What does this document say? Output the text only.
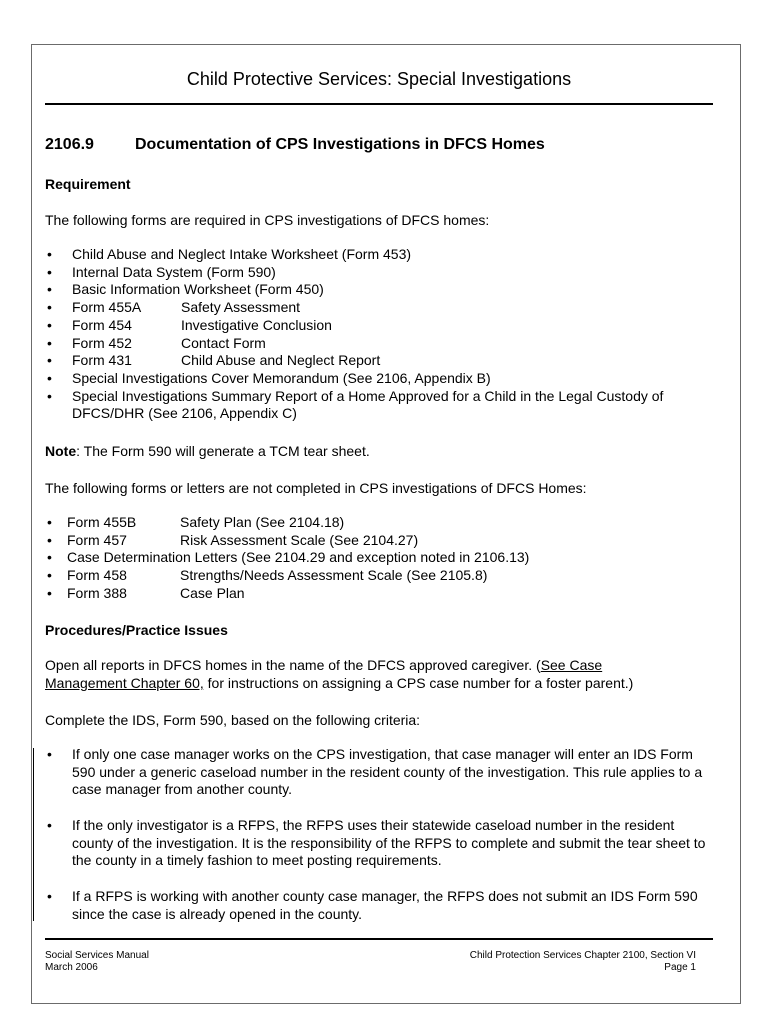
Child Protective Services: Special Investigations
2106.9	Documentation of CPS Investigations in DFCS Homes
Requirement
The following forms are required in CPS investigations of DFCS homes:
• Child Abuse and Neglect Intake Worksheet (Form 453)
• Internal Data System (Form 590)
• Basic Information Worksheet (Form 450)
• Form 455A	Safety Assessment
• Form 454	Investigative Conclusion
• Form 452	Contact Form
• Form 431	Child Abuse and Neglect Report
• Special Investigations Cover Memorandum (See 2106, Appendix B)
• Special Investigations Summary Report of a Home Approved for a Child in the Legal Custody of DFCS/DHR (See 2106, Appendix C)
Note: The Form 590 will generate a TCM tear sheet.
The following forms or letters are not completed in CPS investigations of DFCS Homes:
• Form 455B	Safety Plan (See 2104.18)
• Form 457	Risk Assessment Scale (See 2104.27)
• Case Determination Letters (See 2104.29 and exception noted in 2106.13)
• Form 458	Strengths/Needs Assessment Scale (See 2105.8)
• Form 388	Case Plan
Procedures/Practice Issues
Open all reports in DFCS homes in the name of the DFCS approved caregiver. (See Case
Management Chapter 60, for instructions on assigning a CPS case number for a foster parent.)
Complete the IDS, Form 590, based on the following criteria:
• If only one case manager works on the CPS investigation, that case manager will enter an IDS Form 590 under a generic caseload number in the resident county of the investigation. This rule applies to a case manager from another county.
• If the only investigator is a RFPS, the RFPS uses their statewide caseload number in the resident county of the investigation. It is the responsibility of the RFPS to complete and submit the tear sheet to the county in a timely fashion to meet posting requirements.
• If a RFPS is working with another county case manager, the RFPS does not submit an IDS Form 590 since the case is already opened in the county.
Social Services Manual
March 2006
Child Protection Services Chapter 2100, Section VI
Page 1
